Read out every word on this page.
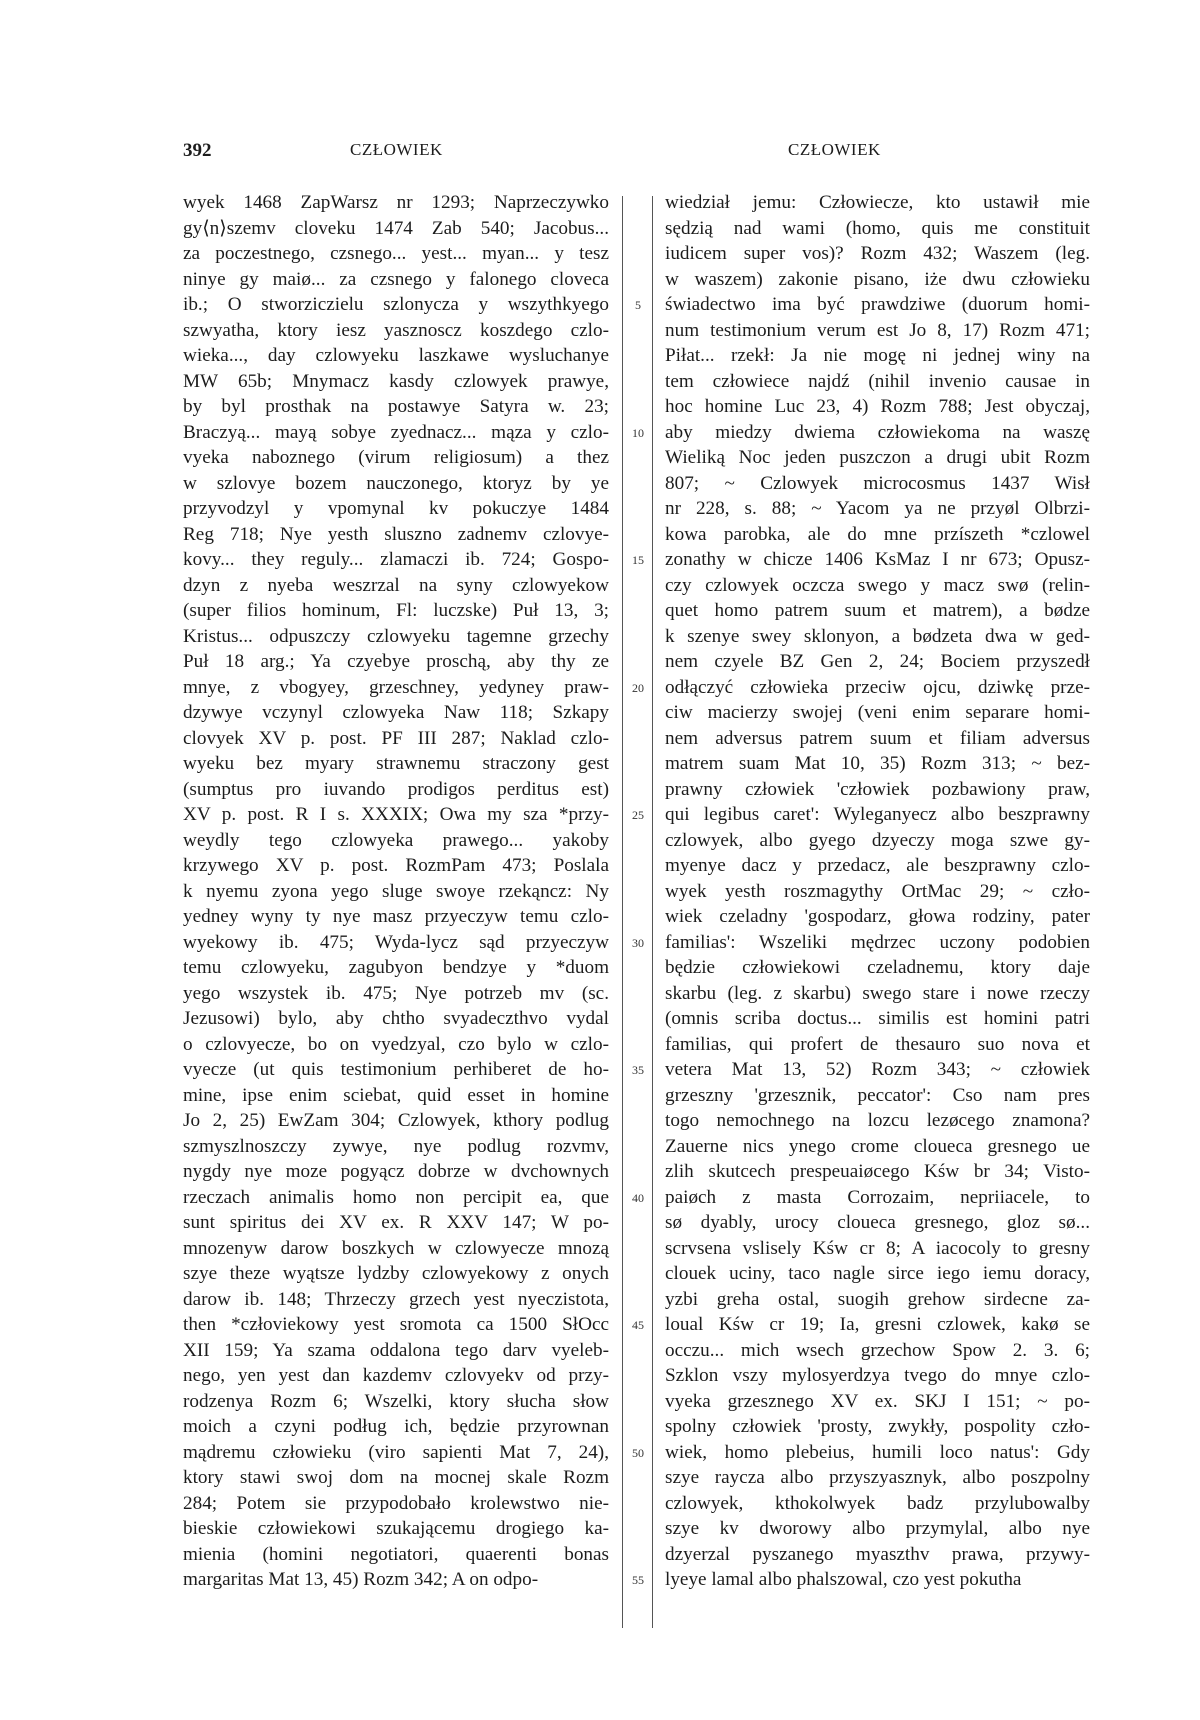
392	CZŁOWIEK	CZŁOWIEK
wyek 1468 ZapWarsz nr 1293; Naprzeczywko
gy⟨n⟩szemv cloveku 1474 Zab 540; Jacobus...
za poczestnego, czsnego... yest... myan... y tesz
ninye gy maiø... za czsnego y falonego cloveca
ib.; O stworziczielu szlonycza y wszythkyego
szwyatha, ktory iesz yasznoscz koszdego czlo-
wieka..., day czlowyeku laszkawe wysluchanye
MW 65b; Mnymacz kasdy czlowyek prawye,
by byl prosthak na postawye Satyra w. 23;
Braczyą... mayą sobye zyednacz... mąza y czlo-
vyeka naboznego (virum religiosum) a thez
w szlovye bozem nauczonego, ktoryz by ye
przyvodzyl y vpomynal kv pokuczye 1484
Reg 718; Nye yesth sluszno zadnemv czlovye-
kovy... they reguly... zlamaczi ib. 724; Gospo-
dzyn z nyeba weszrzal na syny czlowyekow
(super filios hominum, Fl: luczske) Puł 13, 3;
Kristus... odpuszczy czlowyeku tagemne grzechy
Puł 18 arg.; Ya czyebye proschą, aby thy ze
mnye, z vbogyey, grzeschney, yedyney praw-
dzywye vczynyl czlowyeka Naw 118; Szkapy
clovyek XV p. post. PF III 287; Naklad czlo-
wyeku bez myary strawnemu straczony gest
(sumptus pro iuvando prodigos perditus est)
XV p. post. R I s. XXXIX; Owa my sza *przy-
weydly tego czlowyeka prawego... yakoby
krzywego XV p. post. RozmPam 473; Poslala
k nyemu zyona yego sluge swoye rzekąncz: Ny
yedney wyny ty nye masz przyeczyw temu czlo-
wyekowy ib. 475; Wyda-lycz sąd przyeczyw
temu czlowyeku, zagubyon bendzye y *duom
yego wszystek ib. 475; Nye potrzeb mv (sc.
Jezusowi) bylo, aby chtho svyadeczthvo vydal
o czlovyecze, bo on vyedzyal, czo bylo w czlo-
vyecze (ut quis testimonium perhiberet de ho-
mine, ipse enim sciebat, quid esset in homine
Jo 2, 25) EwZam 304; Czlowyek, kthory podlug
szmyszlnoszczy zywye, nye podlug rozvmv,
nygdy nye moze pogyącz dobrze w dvchownych
rzeczach animalis homo non percipit ea, que
sunt spiritus dei XV ex. R XXV 147; W po-
mnozenyw darow boszkych w czlowyecze mnozą
szye theze wyątsze lydzby czlowyekowy z onych
darow ib. 148; Thrzeczy grzech yest nyeczistota,
then *człoviekowy yest sromota ca 1500 SłOcc
XII 159; Ya szama oddalona tego darv vyeleb-
nego, yen yest dan kazdemv czlovyekv od przy-
rodzenya Rozm 6; Wszelki, ktory słucha słow
moich a czyni podług ich, będzie przyrownan
mądremu człowieku (viro sapienti Mat 7, 24),
ktory stawi swoj dom na mocnej skale Rozm
284; Potem sie przypodobało krolewstwo nie-
bieskie człowiekowi szukającemu drogiego ka-
mienia (homini negotiatori, quaerenti bonas
margaritas Mat 13, 45) Rozm 342; A on odpo-
5
10
15
20
25
30
35
40
45
50
55
wiedział jemu: Człowiecze, kto ustawił mie
sędzią nad wami (homo, quis me constituit
iudicem super vos)? Rozm 432; Waszem (leg.
w waszem) zakonie pisano, iże dwu człowieku
świadectwo ima być prawdziwe (duorum homi-
num testimonium verum est Jo 8, 17) Rozm 471;
Piłat... rzekł: Ja nie mogę ni jednej winy na
tem człowiece najdź (nihil invenio causae in
hoc homine Luc 23, 4) Rozm 788; Jest obyczaj,
aby miedzy dwiema człowiekoma na waszę
Wieliką Noc jeden puszczon a drugi ubit Rozm
807; ~ Czlowyek microcosmus 1437 Wisł
nr 228, s. 88; ~ Yacom ya ne przyøl Olbrzi-
kowa parobka, ale do mne przíszeth *czlowel
zonathy w chicze 1406 KsMaz I nr 673; Opusz-
czy czlowyek oczcza swego y macz swø (relin-
quet homo patrem suum et matrem), a bødze
k szenye swey sklonyon, a bødzeta dwa w ged-
nem czyele BZ Gen 2, 24; Bociem przyszedł
odłączyć człowieka przeciw ojcu, dziwkę prze-
ciw macierzy swojej (veni enim separare homi-
nem adversus patrem suum et filiam adversus
matrem suam Mat 10, 35) Rozm 313; ~ bez-
prawny człowiek 'człowiek pozbawiony praw,
qui legibus caret': Wyleganyecz albo beszprawny
czlowyek, albo gyego dzyeczy moga szwe gy-
myenye dacz y przedacz, ale beszprawny czlo-
wyek yesth roszmagythy OrtMac 29; ~ czło-
wiek czeladny 'gospodarz, głowa rodziny, pater
familias': Wszeliki mędrzec uczony podobien
będzie człowiekowi czeladnemu, ktory daje
skarbu (leg. z skarbu) swego stare i nowe rzeczy
(omnis scriba doctus... similis est homini patri
familias, qui profert de thesauro suo nova et
vetera Mat 13, 52) Rozm 343; ~ człowiek
grzeszny 'grzesznik, peccator': Cso nam pres
togo nemochnego na lozcu lezøcego znamona?
Zauerne nics ynego crome cloueca gresnego ue
zlih skutcech prespeuaiøcego Kśw br 34; Visto-
paiøch z masta Corrozaim, nepriiacele, to
sø dyably, urocy cloueca gresnego, gloz sø...
scrvsena vslisely Kśw cr 8; A iacocoly to gresny
clouek uciny, taco nagle sirce iego iemu doracy,
yzbi greha ostal, suogih grehow sirdecne za-
loual Kśw cr 19; Ia, gresni czlowek, kakø se
occzu... mich wsech grzechow Spow 2. 3. 6;
Szklon vszy mylosyerdzya tvego do mnye czlo-
vyeka grzesznego XV ex. SKJ I 151; ~ po-
spolny człowiek 'prosty, zwykły, pospolity czło-
wiek, homo plebeius, humili loco natus': Gdy
szye raycza albo przyszyasznyk, albo poszpolny
czlowyek, kthokolwyek badz przylubowalby
szye kv dworowy albo przymylal, albo nye
dzyerzal pyszanego myaszthv prawa, przywy-
lyeye lamal albo phalszowal, czo yest pokutha
